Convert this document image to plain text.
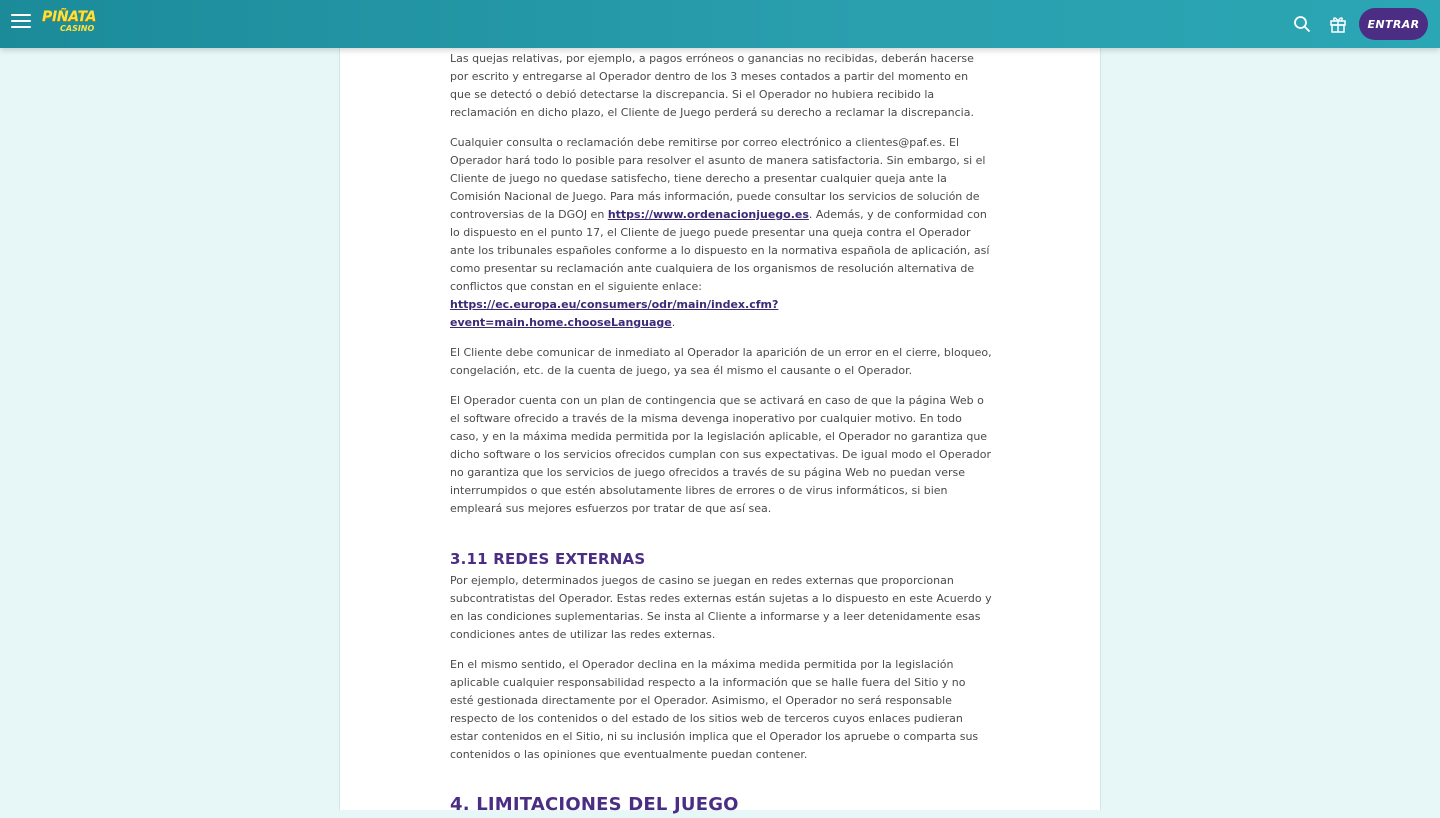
PIÑATA
CASINO	ENTRAR

Las quejas relativas, por ejemplo, a pagos erróneos o ganancias no recibidas, deberán hacerse por escrito y entregarse al Operador dentro de los 3 meses contados a partir del momento en que se detectó o debió detectarse la discrepancia. Si el Operador no hubiera recibido la reclamación en dicho plazo, el Cliente de Juego perderá su derecho a reclamar la discrepancia.

Cualquier consulta o reclamación debe remitirse por correo electrónico a clientes@paf.es. El Operador hará todo lo posible para resolver el asunto de manera satisfactoria. Sin embargo, si el Cliente de juego no quedase satisfecho, tiene derecho a presentar cualquier queja ante la Comisión Nacional de Juego. Para más información, puede consultar los servicios de solución de controversias de la DGOJ en https://www.ordenacionjuego.es. Además, y de conformidad con lo dispuesto en el punto 17, el Cliente de juego puede presentar una queja contra el Operador ante los tribunales españoles conforme a lo dispuesto en la normativa española de aplicación, así como presentar su reclamación ante cualquiera de los organismos de resolución alternativa de conflictos que constan en el siguiente enlace: https://ec.europa.eu/consumers/odr/main/index.cfm?event=main.home.chooseLanguage.

El Cliente debe comunicar de inmediato al Operador la aparición de un error en el cierre, bloqueo, congelación, etc. de la cuenta de juego, ya sea él mismo el causante o el Operador.

El Operador cuenta con un plan de contingencia que se activará en caso de que la página Web o el software ofrecido a través de la misma devenga inoperativo por cualquier motivo. En todo caso, y en la máxima medida permitida por la legislación aplicable, el Operador no garantiza que dicho software o los servicios ofrecidos cumplan con sus expectativas. De igual modo el Operador no garantiza que los servicios de juego ofrecidos a través de su página Web no puedan verse interrumpidos o que estén absolutamente libres de errores o de virus informáticos, si bien empleará sus mejores esfuerzos por tratar de que así sea.

3.11 REDES EXTERNAS

Por ejemplo, determinados juegos de casino se juegan en redes externas que proporcionan subcontratistas del Operador. Estas redes externas están sujetas a lo dispuesto en este Acuerdo y en las condiciones suplementarias. Se insta al Cliente a informarse y a leer detenidamente esas condiciones antes de utilizar las redes externas.

En el mismo sentido, el Operador declina en la máxima medida permitida por la legislación aplicable cualquier responsabilidad respecto a la información que se halle fuera del Sitio y no esté gestionada directamente por el Operador. Asimismo, el Operador no será responsable respecto de los contenidos o del estado de los sitios web de terceros cuyos enlaces pudieran estar contenidos en el Sitio, ni su inclusión implica que el Operador los apruebe o comparta sus contenidos o las opiniones que eventualmente puedan contener.

4. LIMITACIONES DEL JUEGO
